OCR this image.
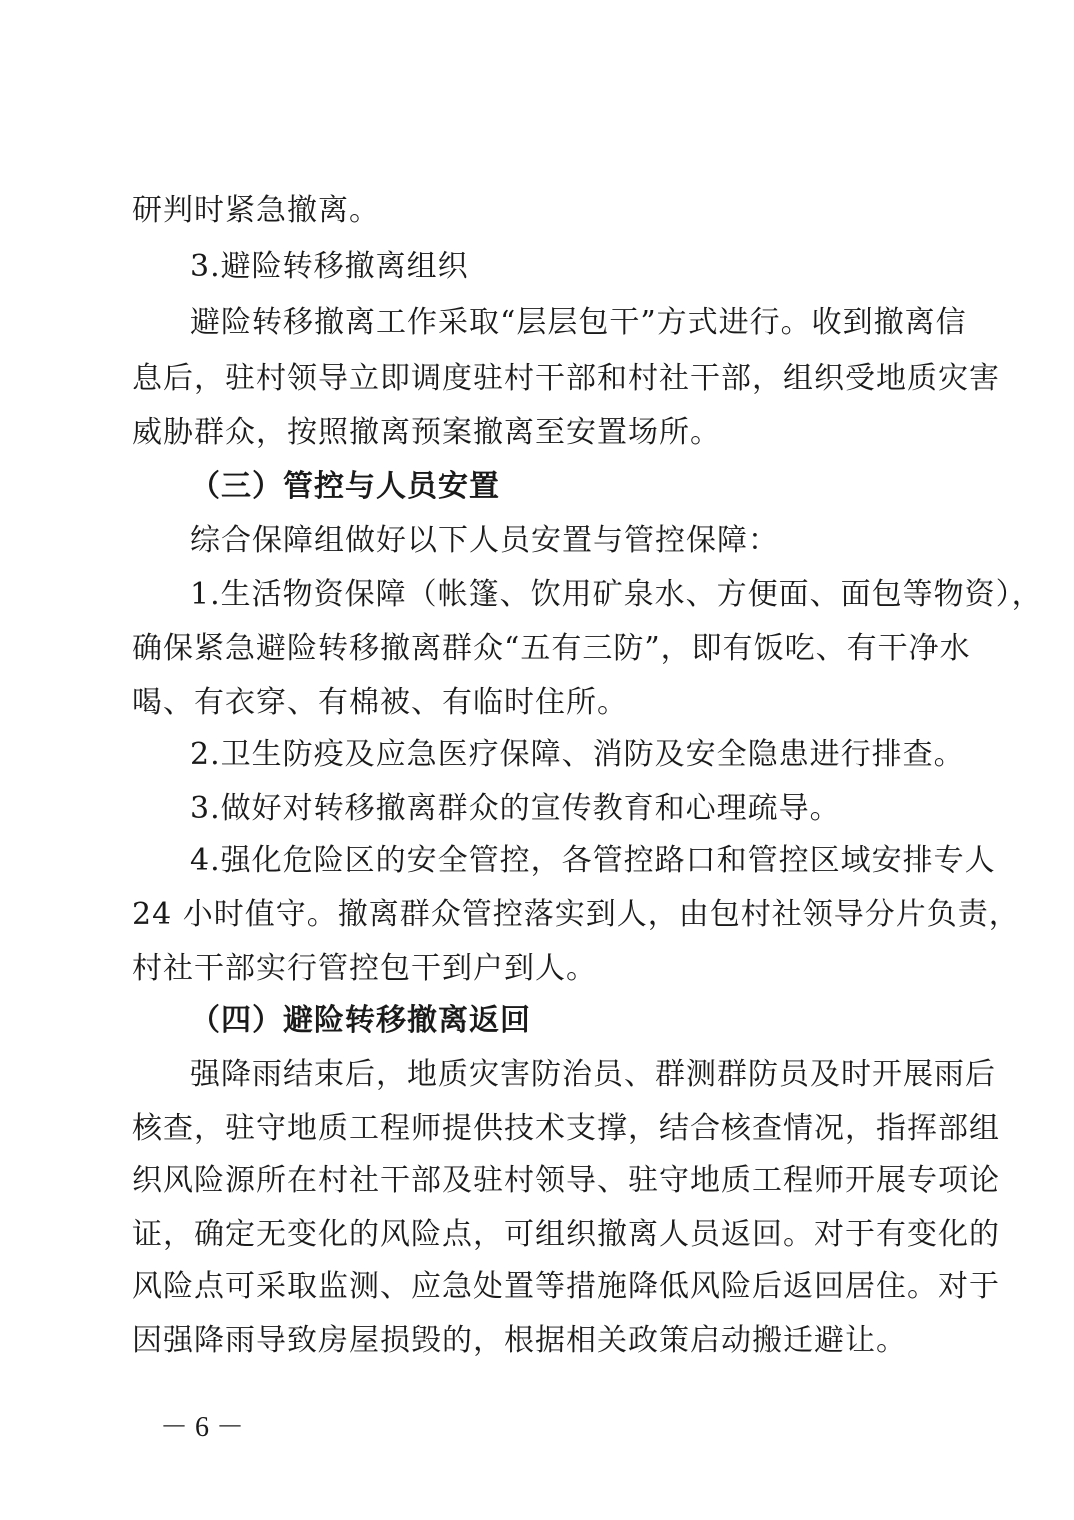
研判时紧急撤离。
3.避险转移撤离组织
避险转移撤离工作采取“层层包干”方式进行。收到撤离信
息后，驻村领导立即调度驻村干部和村社干部，组织受地质灾害
威胁群众，按照撤离预案撤离至安置场所。
（三）管控与人员安置
综合保障组做好以下人员安置与管控保障：
1.生活物资保障（帐篷、饮用矿泉水、方便面、面包等物资），
确保紧急避险转移撤离群众“五有三防”，即有饭吃、有干净水
喝、有衣穿、有棉被、有临时住所。
2.卫生防疫及应急医疗保障、消防及安全隐患进行排查。
3.做好对转移撤离群众的宣传教育和心理疏导。
4.强化危险区的安全管控，各管控路口和管控区域安排专人
24 小时值守。撤离群众管控落实到人，由包村社领导分片负责，
村社干部实行管控包干到户到人。
（四）避险转移撤离返回
强降雨结束后，地质灾害防治员、群测群防员及时开展雨后
核查，驻守地质工程师提供技术支撑，结合核查情况，指挥部组
织风险源所在村社干部及驻村领导、驻守地质工程师开展专项论
证，确定无变化的风险点，可组织撤离人员返回。对于有变化的
风险点可采取监测、应急处置等措施降低风险后返回居住。对于
因强降雨导致房屋损毁的，根据相关政策启动搬迁避让。
－ 6 －
